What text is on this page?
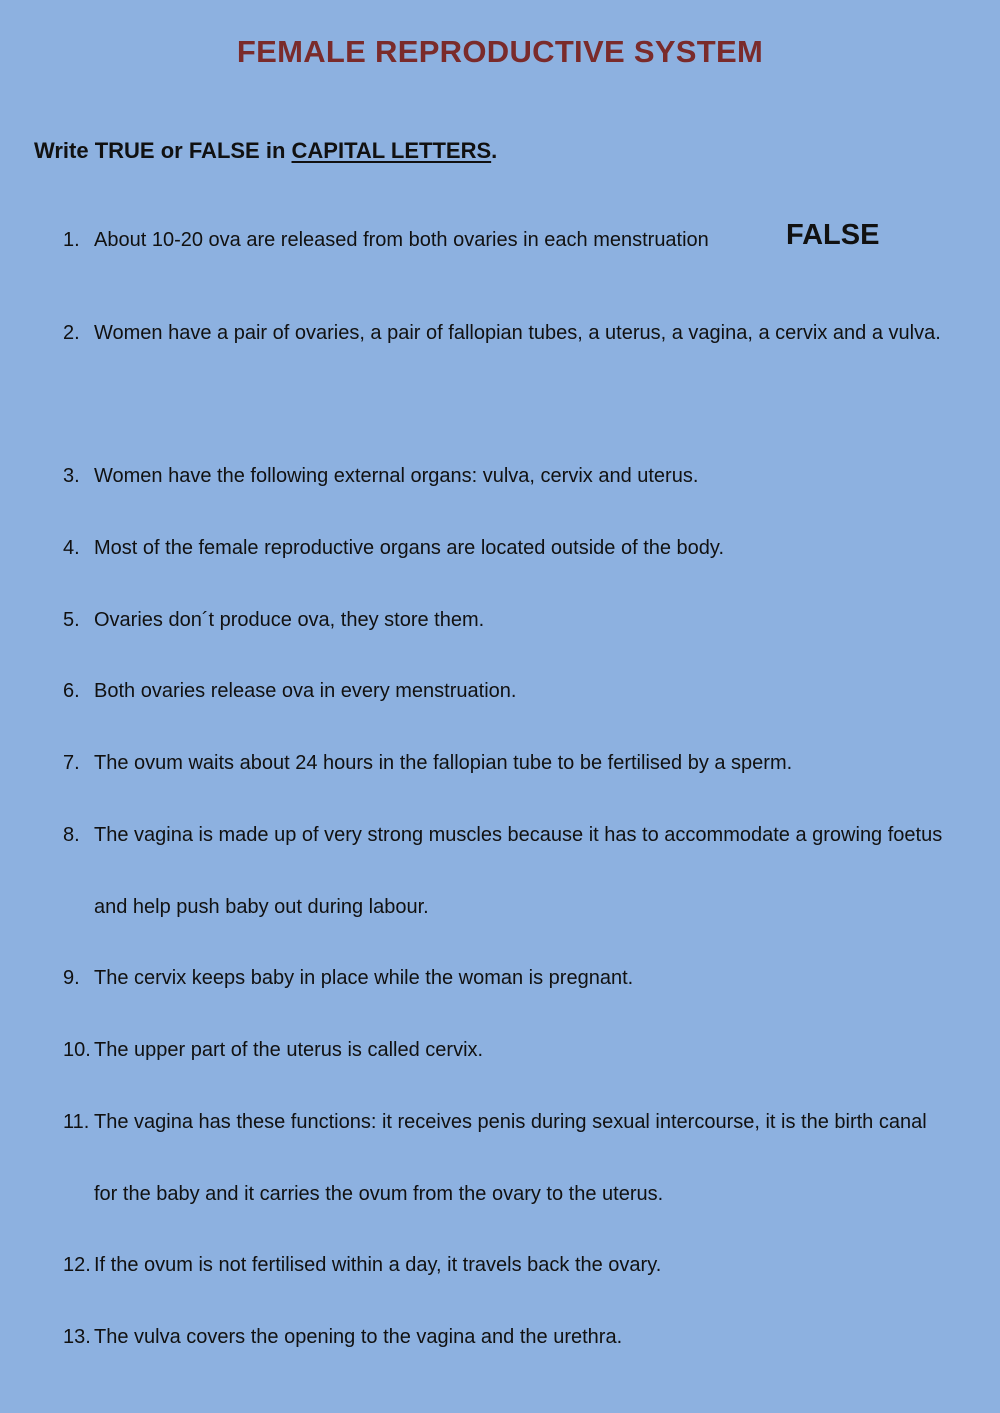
FEMALE REPRODUCTIVE SYSTEM
Write TRUE or FALSE in CAPITAL LETTERS.
1. About 10-20 ova are released from both ovaries in each menstruation	FALSE
2. Women have a pair of ovaries, a pair of fallopian tubes, a uterus, a vagina, a cervix and a vulva.
3. Women have the following external organs: vulva, cervix and uterus.
4. Most of the female reproductive organs are located outside of the body.
5. Ovaries don´t produce ova, they store them.
6. Both ovaries release ova in every menstruation.
7. The ovum waits about 24 hours in the fallopian tube to be fertilised by a sperm.
8. The vagina is made up of very strong muscles because it has to accommodate a growing foetus and help push baby out during labour.
9. The cervix keeps baby in place while the woman is pregnant.
10. The upper part of the uterus is called cervix.
11. The vagina has these functions: it receives penis during sexual intercourse, it is the birth canal for the baby and it carries the ovum from the ovary to the uterus.
12. If the ovum is not fertilised within a day, it travels back the ovary.
13. The vulva covers the opening to the vagina and the urethra.
